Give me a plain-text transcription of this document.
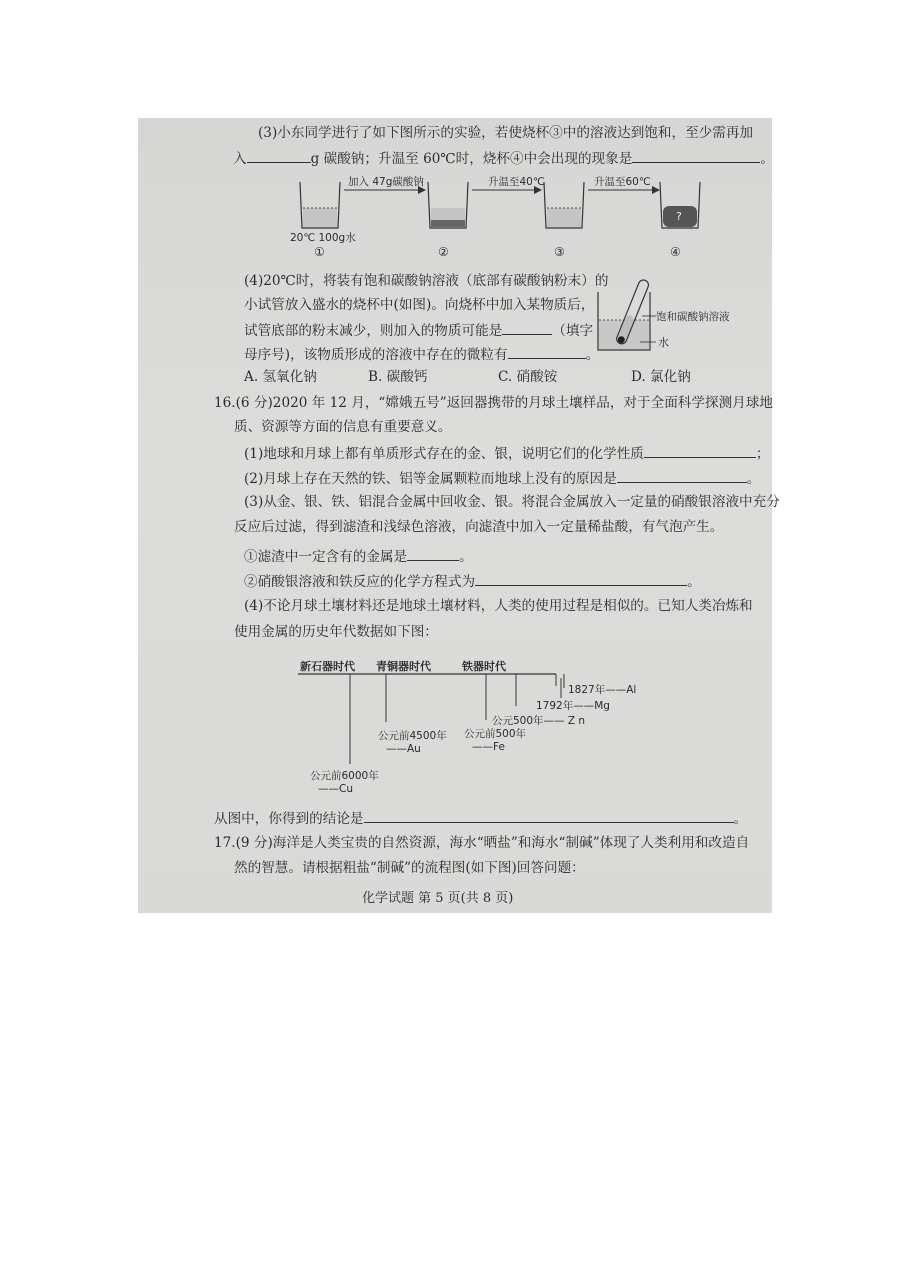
(3)小东同学进行了如下图所示的实验，若使烧杯③中的溶液达到饱和，至少需再加
入	g 碳酸钠；升温至 60℃时，烧杯④中会出现的现象是	。
加入 47g碳酸钠	升温至40℃	升温至60℃
?
20℃ 100g水
①	②	③	④
(4)20℃时，将装有饱和碳酸钠溶液（底部有碳酸钠粉末）的
小试管放入盛水的烧杯中(如图)。向烧杯中加入某物质后，
试管底部的粉末减少，则加入的物质可能是	（填字
母序号)，该物质形成的溶液中存在的微粒有	。
饱和碳酸钠溶液
水
A. 氢氧化钠	B. 碳酸钙	C. 硝酸铵	D. 氯化钠
16.(6 分)2020 年 12 月，“嫦娥五号”返回器携带的月球土壤样品，对于全面科学探测月球地
质、资源等方面的信息有重要意义。
(1)地球和月球上都有单质形式存在的金、银，说明它们的化学性质	；
(2)月球上存在天然的铁、铝等金属颗粒而地球上没有的原因是	。
(3)从金、银、铁、铝混合金属中回收金、银。将混合金属放入一定量的硝酸银溶液中充分
反应后过滤，得到滤渣和浅绿色溶液，向滤渣中加入一定量稀盐酸，有气泡产生。
①滤渣中一定含有的金属是	。
②硝酸银溶液和铁反应的化学方程式为	。
(4)不论月球土壤材料还是地球土壤材料，人类的使用过程是相似的。已知人类冶炼和
使用金属的历史年代数据如下图：
新石器时代 青铜器时代	铁器时代
1827年——Al
1792年——Mg
公元500年—— Z n
公元前4500年
——Au
公元前500年
——Fe
公元前6000年
——Cu
从图中，你得到的结论是	。
17.(9 分)海洋是人类宝贵的自然资源，海水“晒盐”和海水“制碱”体现了人类利用和改造自
然的智慧。请根据粗盐“制碱”的流程图(如下图)回答问题：
化学试题 第 5 页(共 8 页)
